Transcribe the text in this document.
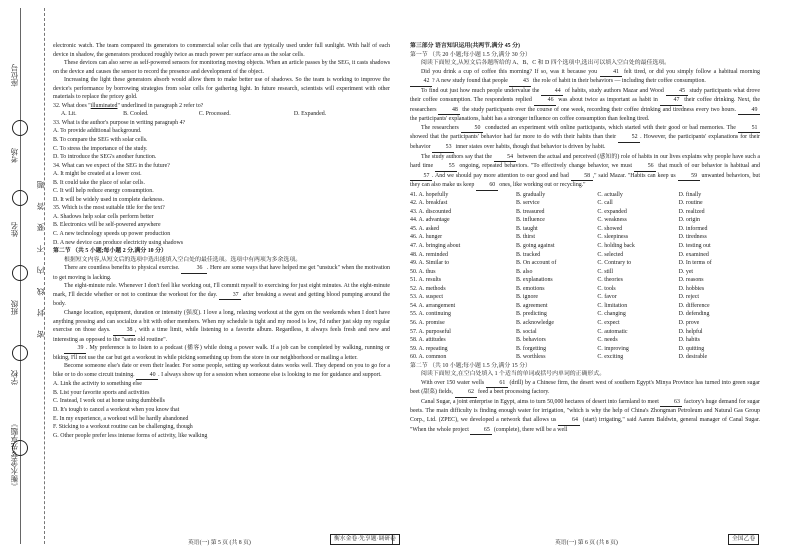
《衡水金卷·先享题》
学校
班级
姓名
考场
座位号
密 封 线 内 不 要 答 题

electronic watch. The team compared its generators to commercial solar cells that are typically used under full sunlight. With half of each device in shadow, the generators produced roughly twice as much power per surface area as the solar cells.

These devices can also serve as self-powered sensors for monitoring moving objects. When an article passes by the SEG, it casts shadows on the device and causes the sensor to record the presence and development of the object.

Increasing the light these generators absorb would allow them to make better use of shadows. So the team is working to improve the device's performance by borrowing strategies from solar cells for gathering light. In future research, scientists will experiment with other materials to replace the pricey gold.

32. What does "illuminated" underlined in paragraph 2 refer to?

A. Lit.	B. Cooled.	C. Processed.	D. Expanded.

33. What is the author's purpose in writing paragraph 4?

A. To provide additional background.

B. To compare the SEG with solar cells.

C. To stress the importance of the study.

D. To introduce the SEG's another function.

34. What can we expect of the SEG in the future?

A. It might be created at a lower cost.

B. It could take the place of solar cells.

C. It will help reduce energy consumption.

D. It will be widely used in complete darkness.

35. Which is the most suitable title for the text?

A. Shadows help solar cells perform better

B. Electronics will be self-powered anywhere

C. A new technology speeds up power production

D. A new device can produce electricity using shadows

第二节 （共 5 小题;每小题 2 分,满分 10 分）

根据短文内容,从短文后的选项中选出能填入空白处的最佳选项。选项中有两项为多余选项。

There are countless benefits to physical exercise.	36 . Here are some ways that have helped me get "unstuck" when the motivation to get moving is lacking.

The eight-minute rule. Whenever I don't feel like working out, I'll commit myself to exercising for just eight minutes. At the eight-minute mark, I'll decide whether or not to continue the workout for the day.	37 after breaking a sweat and getting blood pumping around the body.

Change location, equipment, duration or intensity (强度). I love a long, relaxing workout at the gym on the weekends when I don't have anything pressing and can socialize a bit with other members. When my schedule is tight and my mood is low, I'd rather just skip my regular exercise on those days.	38 , with a time limit, while listening to a favorite album. Regardless, it always feels fresh and new and interesting as opposed to the "same old routine".

39 . My preference is to listen to a podcast (播客) while doing a power walk. If a job can be completed by walking, running or biking, I'll not use the car but get a workout in while picking something up from the store in our neighborhood or mailing a letter.

Become someone else's date or even their leader. For some people, setting up workout dates works well. They depend on you to go for a bike or to do some circuit training.	40 . I always show up for a session when someone else is looking to me for guidance and support.

A. Link the activity to something else

B. List your favorite sports and activities

C. Instead, I work out at home using dumbbells

D. It's tough to cancel a workout when you know that

E. In my experience, a workout will be hardly abandoned

F. Sticking to a workout routine can be challenging, though

G. Other people prefer less intense forms of activity, like walking

第三部分 语言知识运用(共两节,满分 45 分)

第一节 （共 20 小题;每小题 1.5 分,满分 30 分）

阅读下面短文,从短文后各题所给的 A、B、C 和 D 四个选项中,选出可以填入空白处的最佳选项。

Did you drink a cup of coffee this morning? If so, was it because you	41 felt tired, or did you simply follow a habitual morning 42 ? A new study found that people	43 the role of habit in their behaviors — including their coffee consumption.

To find out just how much people undervalue the	44 of habits, study authors Mazar and Wood	45 study participants what drove their coffee consumption. The respondents replied	46 was about twice as important as habit in	47 their coffee drinking. Next, the researchers	48 the study participants over the course of one week, recording their coffee drinking and tiredness every two hours.	49 the participants' explanations, habit has a stronger influence on coffee consumption than feeling tired.

The researchers	50 conducted an experiment with online participants, which started with their good or bad memories. The	51 showed that the participants' behavior had far more to do with their habits than their	52 . However, the participants' explanations for their behavior	53 inner states over habits, though that behavior is driven by habit.

The study authors say that the	54 between the actual and perceived (感知的) role of habits in our lives explains why people have such a hard time	55 ongoing, repeated behaviors. "To effectively change behavior, we must	56 that much of our behavior is habitual and 57 . And we should pay more attention to our good and bad	58 ," said Mazar. "Habits can keep us	59 unwanted behaviors, but they can also make us keep	60 ones, like working out or recycling."

41. A. hopefully	B. gradually	C. actually	D. finally
42. A. breakfast	B. service	C. call	D. routine
43. A. discounted	B. treasured	C. expanded	D. realized
44. A. advantage	B. influence	C. weakness	D. origin
45. A. asked	B. taught	C. showed	D. informed
46. A. hunger	B. thirst	C. sleepiness	D. tiredness
47. A. bringing about	B. going against	C. holding back	D. testing out
48. A. reminded	B. tracked	C. selected	D. examined
49. A. Similar to	B. On account of	C. Contrary to	D. In terms of
50. A. thus	B. also	C. still	D. yet
51. A. results	B. explanations	C. theories	D. reasons
52. A. methods	B. emotions	C. tools	D. hobbies
53. A. suspect	B. ignore	C. favor	D. reject
54. A. arrangement	B. agreement	C. limitation	D. difference
55. A. continuing	B. predicting	C. changing	D. defending
56. A. promise	B. acknowledge	C. expect	D. prove
57. A. purposeful	B. social	C. automatic	D. helpful
58. A. attitudes	B. behaviors	C. needs	D. habits
59. A. repeating	B. forgetting	C. improving	D. quitting
60. A. common	B. worthless	C. exciting	D. desirable

第二节 （共 10 小题;每小题 1.5 分,满分 15 分）

阅读下面短文,在空白处填入 1 个适当的单词或括号内单词的正确形式。

With over 150 water wells	61 (drill) by a Chinese firm, the desert west of southern Egypt's Minya Province has turned into green sugar beet (甜菜) fields,	62 feed a beet processing factory.

Canal Sugar, a joint enterprise in Egypt, aims to turn 50,000 hectares of desert into farmland to meet	63 factory's huge demand for sugar beets. The main difficulty is finding enough water for irrigation, "which is why the help of China's Zhongman Petroleum and Natural Gas Group Corp., Ltd. (ZPEC), we developed a network that allows us	64 (start) irrigating," said Aamm Baldwin, general manager of Canal Sugar. "When the whole project	65 (complete), there will be a well

英语(一) 第 5 页 (共 8 页)
衡水金卷·先享题·调研卷
英语(一) 第 6 页 (共 8 页)
全国乙卷
